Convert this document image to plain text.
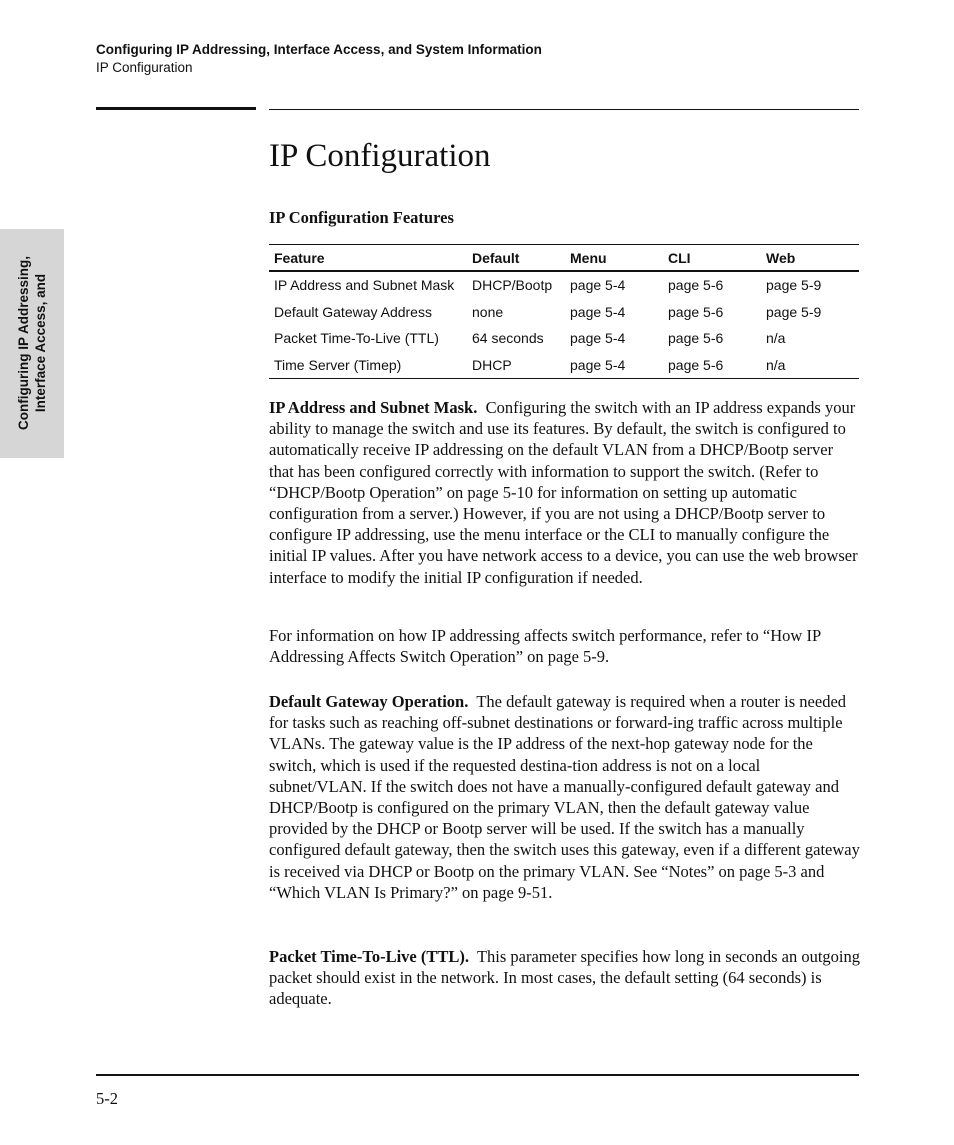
Configuring IP Addressing, Interface Access, and System Information
IP Configuration
Configuring IP Addressing, Interface Access, and
IP Configuration
IP Configuration Features
Feature	Default	Menu	CLI	Web
IP Address and Subnet Mask	DHCP/Bootp	page 5-4	page 5-6	page 5-9
Default Gateway Address	none	page 5-4	page 5-6	page 5-9
Packet Time-To-Live (TTL)	64 seconds	page 5-4	page 5-6	n/a
Time Server (Timep)	DHCP	page 5-4	page 5-6	n/a

IP Address and Subnet Mask. Configuring the switch with an IP address expands your ability to manage the switch and use its features. By default, the switch is configured to automatically receive IP addressing on the default VLAN from a DHCP/Bootp server that has been configured correctly with information to support the switch. (Refer to “DHCP/Bootp Operation” on page 5-10 for information on setting up automatic configuration from a server.) However, if you are not using a DHCP/Bootp server to configure IP addressing, use the menu interface or the CLI to manually configure the initial IP values. After you have network access to a device, you can use the web browser interface to modify the initial IP configuration if needed.

For information on how IP addressing affects switch performance, refer to “How IP Addressing Affects Switch Operation” on page 5-9.

Default Gateway Operation. The default gateway is required when a router is needed for tasks such as reaching off-subnet destinations or forward-ing traffic across multiple VLANs. The gateway value is the IP address of the next-hop gateway node for the switch, which is used if the requested destina-tion address is not on a local subnet/VLAN. If the switch does not have a manually-configured default gateway and DHCP/Bootp is configured on the primary VLAN, then the default gateway value provided by the DHCP or Bootp server will be used. If the switch has a manually configured default gateway, then the switch uses this gateway, even if a different gateway is received via DHCP or Bootp on the primary VLAN. See “Notes” on page 5-3 and “Which VLAN Is Primary?” on page 9-51.

Packet Time-To-Live (TTL). This parameter specifies how long in seconds an outgoing packet should exist in the network. In most cases, the default setting (64 seconds) is adequate.

5-2
